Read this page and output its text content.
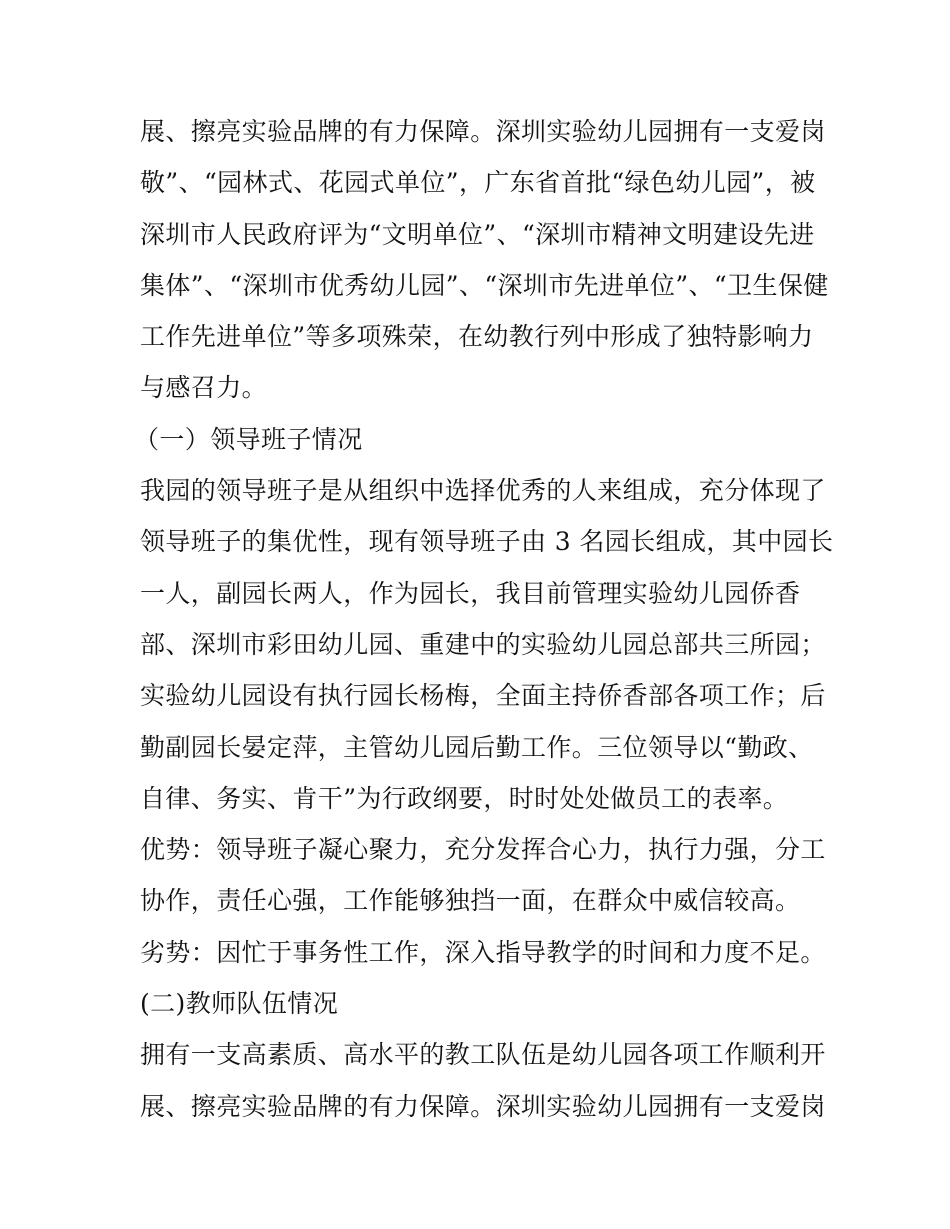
展、擦亮实验品牌的有力保障。深圳实验幼儿园拥有一支爱岗
敬”、“园林式、花园式单位”，广东省首批“绿色幼儿园”，被
深圳市人民政府评为“文明单位”、“深圳市精神文明建设先进
集体”、“深圳市优秀幼儿园”、“深圳市先进单位”、“卫生保健
工作先进单位”等多项殊荣，在幼教行列中形成了独特影响力
与感召力。
（一）领导班子情况
我园的领导班子是从组织中选择优秀的人来组成，充分体现了
领导班子的集优性，现有领导班子由 3 名园长组成，其中园长
一人，副园长两人，作为园长，我目前管理实验幼儿园侨香
部、深圳市彩田幼儿园、重建中的实验幼儿园总部共三所园；
实验幼儿园设有执行园长杨梅，全面主持侨香部各项工作；后
勤副园长晏定萍，主管幼儿园后勤工作。三位领导以“勤政、
自律、务实、肯干”为行政纲要，时时处处做员工的表率。
优势：领导班子凝心聚力，充分发挥合心力，执行力强，分工
协作，责任心强，工作能够独挡一面，在群众中威信较高。
劣势：因忙于事务性工作，深入指导教学的时间和力度不足。
(二)教师队伍情况
拥有一支高素质、高水平的教工队伍是幼儿园各项工作顺利开
展、擦亮实验品牌的有力保障。深圳实验幼儿园拥有一支爱岗
